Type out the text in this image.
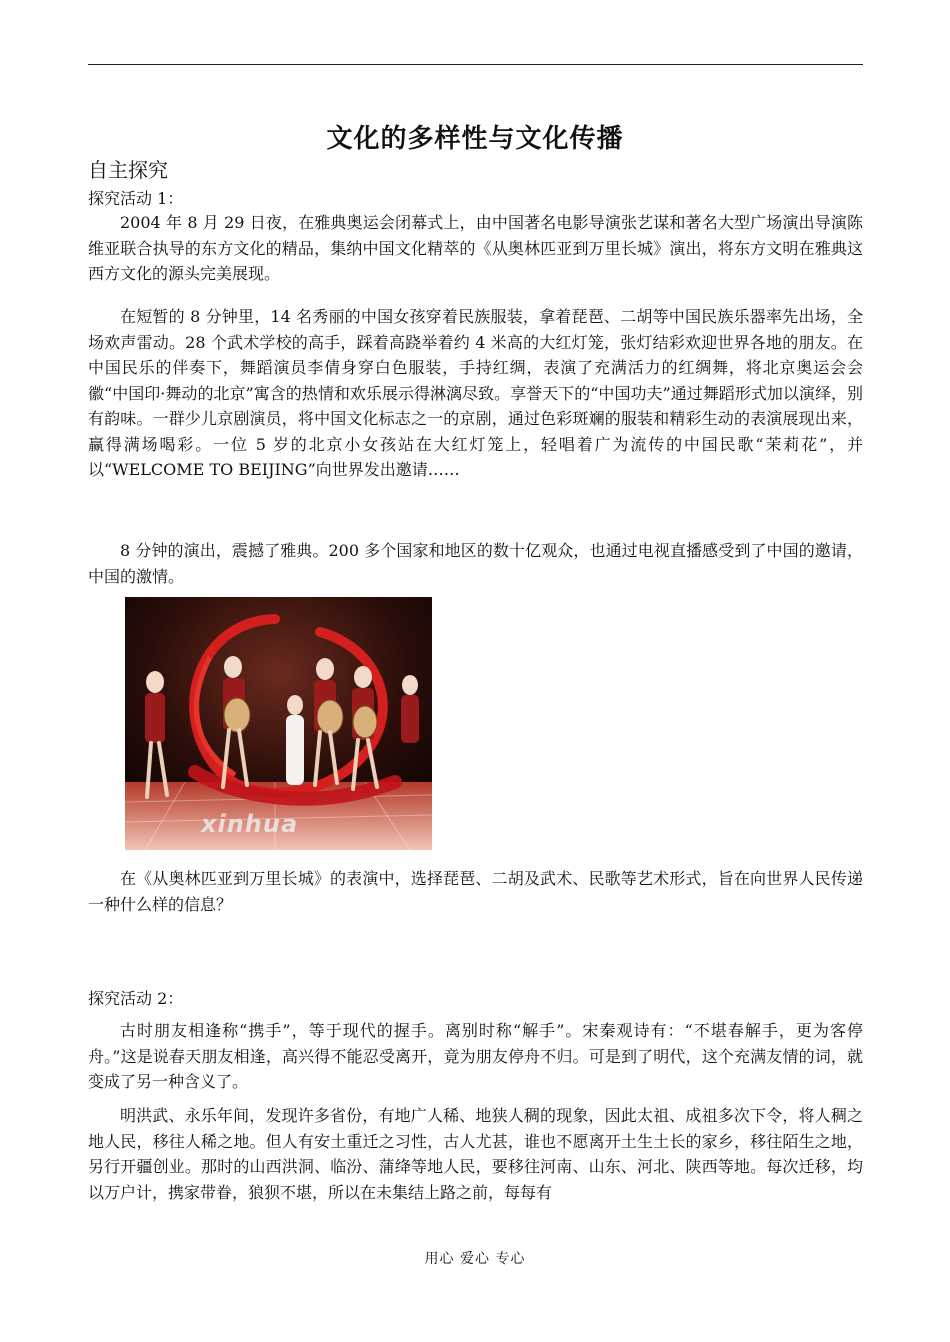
文化的多样性与文化传播
自主探究
探究活动 1：
2004 年 8 月 29 日夜，在雅典奥运会闭幕式上，由中国著名电影导演张艺谋和著名大型广场演出导演陈维亚联合执导的东方文化的精品，集纳中国文化精萃的《从奥林匹亚到万里长城》演出，将东方文明在雅典这西方文化的源头完美展现。
在短暂的 8 分钟里，14 名秀丽的中国女孩穿着民族服装，拿着琵琶、二胡等中国民族乐器率先出场，全场欢声雷动。28 个武术学校的高手，踩着高跷举着约 4 米高的大红灯笼，张灯结彩欢迎世界各地的朋友。在中国民乐的伴奏下，舞蹈演员李倩身穿白色服装，手持红绸，表演了充满活力的红绸舞，将北京奥运会会徽“中国印·舞动的北京”寓含的热情和欢乐展示得淋漓尽致。享誉天下的“中国功夫”通过舞蹈形式加以演绎，别有韵味。一群少儿京剧演员，将中国文化标志之一的京剧，通过色彩斑斓的服装和精彩生动的表演展现出来，赢得满场喝彩。一位 5 岁的北京小女孩站在大红灯笼上，轻唱着广为流传的中国民歌“茉莉花”，并以“WELCOME TO BEIJING”向世界发出邀请……
8 分钟的演出，震撼了雅典。200 多个国家和地区的数十亿观众，也通过电视直播感受到了中国的邀请，中国的激情。
xinhua
在《从奥林匹亚到万里长城》的表演中，选择琵琶、二胡及武术、民歌等艺术形式，旨在向世界人民传递一种什么样的信息？
探究活动 2：
古时朋友相逢称“携手”，等于现代的握手。离别时称“解手”。宋秦观诗有：“不堪春解手，更为客停舟。”这是说春天朋友相逢，高兴得不能忍受离开，竟为朋友停舟不归。可是到了明代，这个充满友情的词，就变成了另一种含义了。
明洪武、永乐年间，发现许多省份，有地广人稀、地狭人稠的现象，因此太祖、成祖多次下令，将人稠之地人民，移往人稀之地。但人有安土重迁之习性，古人尤甚，谁也不愿离开土生土长的家乡，移往陌生之地，另行开疆创业。那时的山西洪洞、临汾、蒲绛等地人民，要移往河南、山东、河北、陕西等地。每次迁移，均以万户计，携家带眷，狼狈不堪，所以在未集结上路之前，每每有
用心 爱心 专心
